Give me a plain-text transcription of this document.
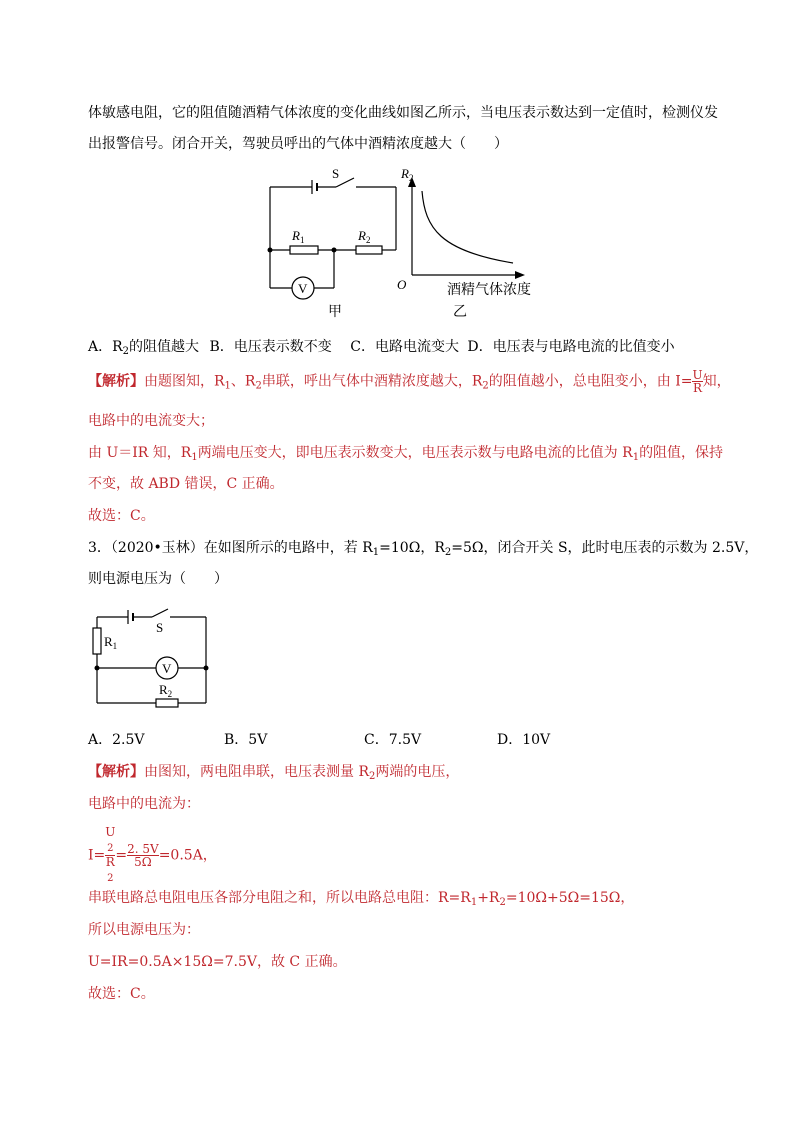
体敏感电阻，它的阻值随酒精气体浓度的变化曲线如图乙所示，当电压表示数达到一定值时，检测仪发
出报警信号。闭合开关，驾驶员呼出的气体中酒精浓度越大（　　）
S
$R_1$	$R_2$
V
甲
$R_2$
O	酒精气体浓度
乙
A．$R_2$的阻值越大 B．电压表示数不变 C．电路电流变大 D．电压表与电路电流的比值变小
【解析】由题图知，$R_1$、$R_2$串联，呼出气体中酒精浓度越大，$R_2$的阻值越小，总电阻变小，由 $I= \frac{U}{R}$ 知，
电路中的电流变大；
由 U＝IR 知，$R_1$两端电压变大，即电压表示数变大，电压表示数与电路电流的比值为 $R_1$的阻值，保持
不变，故 ABD 错误，C 正确。
故选：C。
3．（2020•玉林）在如图所示的电路中，若 $R_1=10\Omega$，$R_2=5\Omega$，闭合开关 S，此时电压表的示数为 2.5V，
则电源电压为（　　）
$R_1$
S
V
$R_2$
A．2.5V	B．5V	C．7.5V	D．10V
【解析】由图知，两电阻串联，电压表测量 $R_2$两端的电压，
电路中的电流为：
I= U
$_2$
R
$_2 = \frac{2. 5V}{5\Omega} =0.5A$，
串联电路总电阻电压各部分电阻之和，所以电路总电阻：$R=R_1+R_2=10\Omega+5\Omega=15\Omega$，
所以电源电压为：
U=IR=0.5A×15Ω=7.5V，故 C 正确。
故选：C。
